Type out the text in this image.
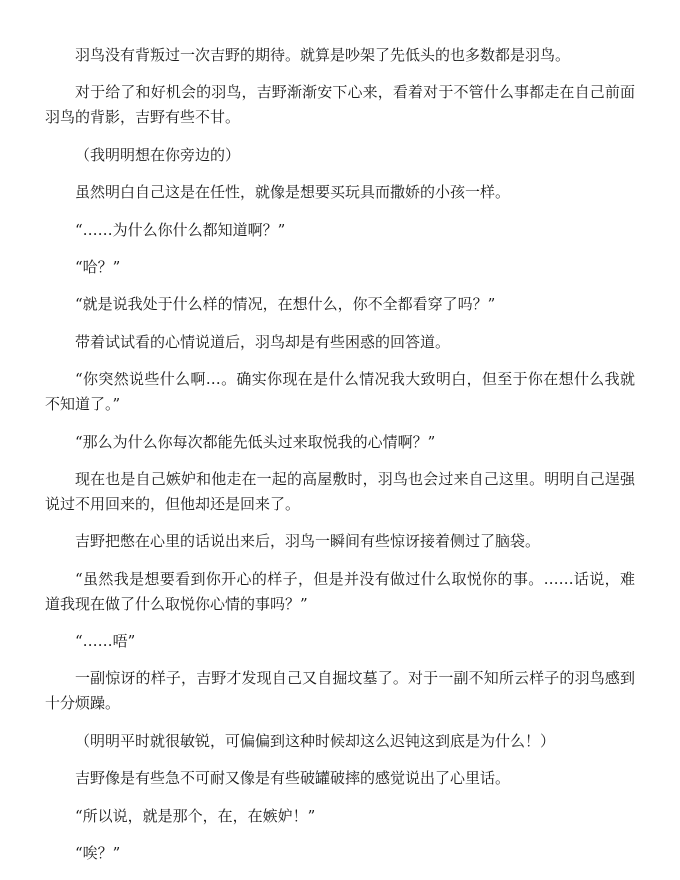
羽鸟没有背叛过一次吉野的期待。就算是吵架了先低头的也多数都是羽鸟。

对于给了和好机会的羽鸟，吉野渐渐安下心来，看着对于不管什么事都走在自己前面羽鸟的背影，吉野有些不甘。

（我明明想在你旁边的）

虽然明白自己这是在任性，就像是想要买玩具而撒娇的小孩一样。

“……为什么你什么都知道啊？”

“哈？”

“就是说我处于什么样的情况，在想什么，你不全都看穿了吗？”

带着试试看的心情说道后，羽鸟却是有些困惑的回答道。

“你突然说些什么啊…。确实你现在是什么情况我大致明白，但至于你在想什么我就不知道了。”

“那么为什么你每次都能先低头过来取悦我的心情啊？”

现在也是自己嫉妒和他走在一起的高屋敷时，羽鸟也会过来自己这里。明明自己逞强说过不用回来的，但他却还是回来了。

吉野把憋在心里的话说出来后，羽鸟一瞬间有些惊讶接着侧过了脑袋。

“虽然我是想要看到你开心的样子，但是并没有做过什么取悦你的事。……话说，难道我现在做了什么取悦你心情的事吗？”

“……唔”

一副惊讶的样子，吉野才发现自己又自掘坟墓了。对于一副不知所云样子的羽鸟感到十分烦躁。

（明明平时就很敏锐，可偏偏到这种时候却这么迟钝这到底是为什么！）

吉野像是有些急不可耐又像是有些破罐破摔的感觉说出了心里话。

“所以说，就是那个，在，在嫉妒！”

“唉？”
